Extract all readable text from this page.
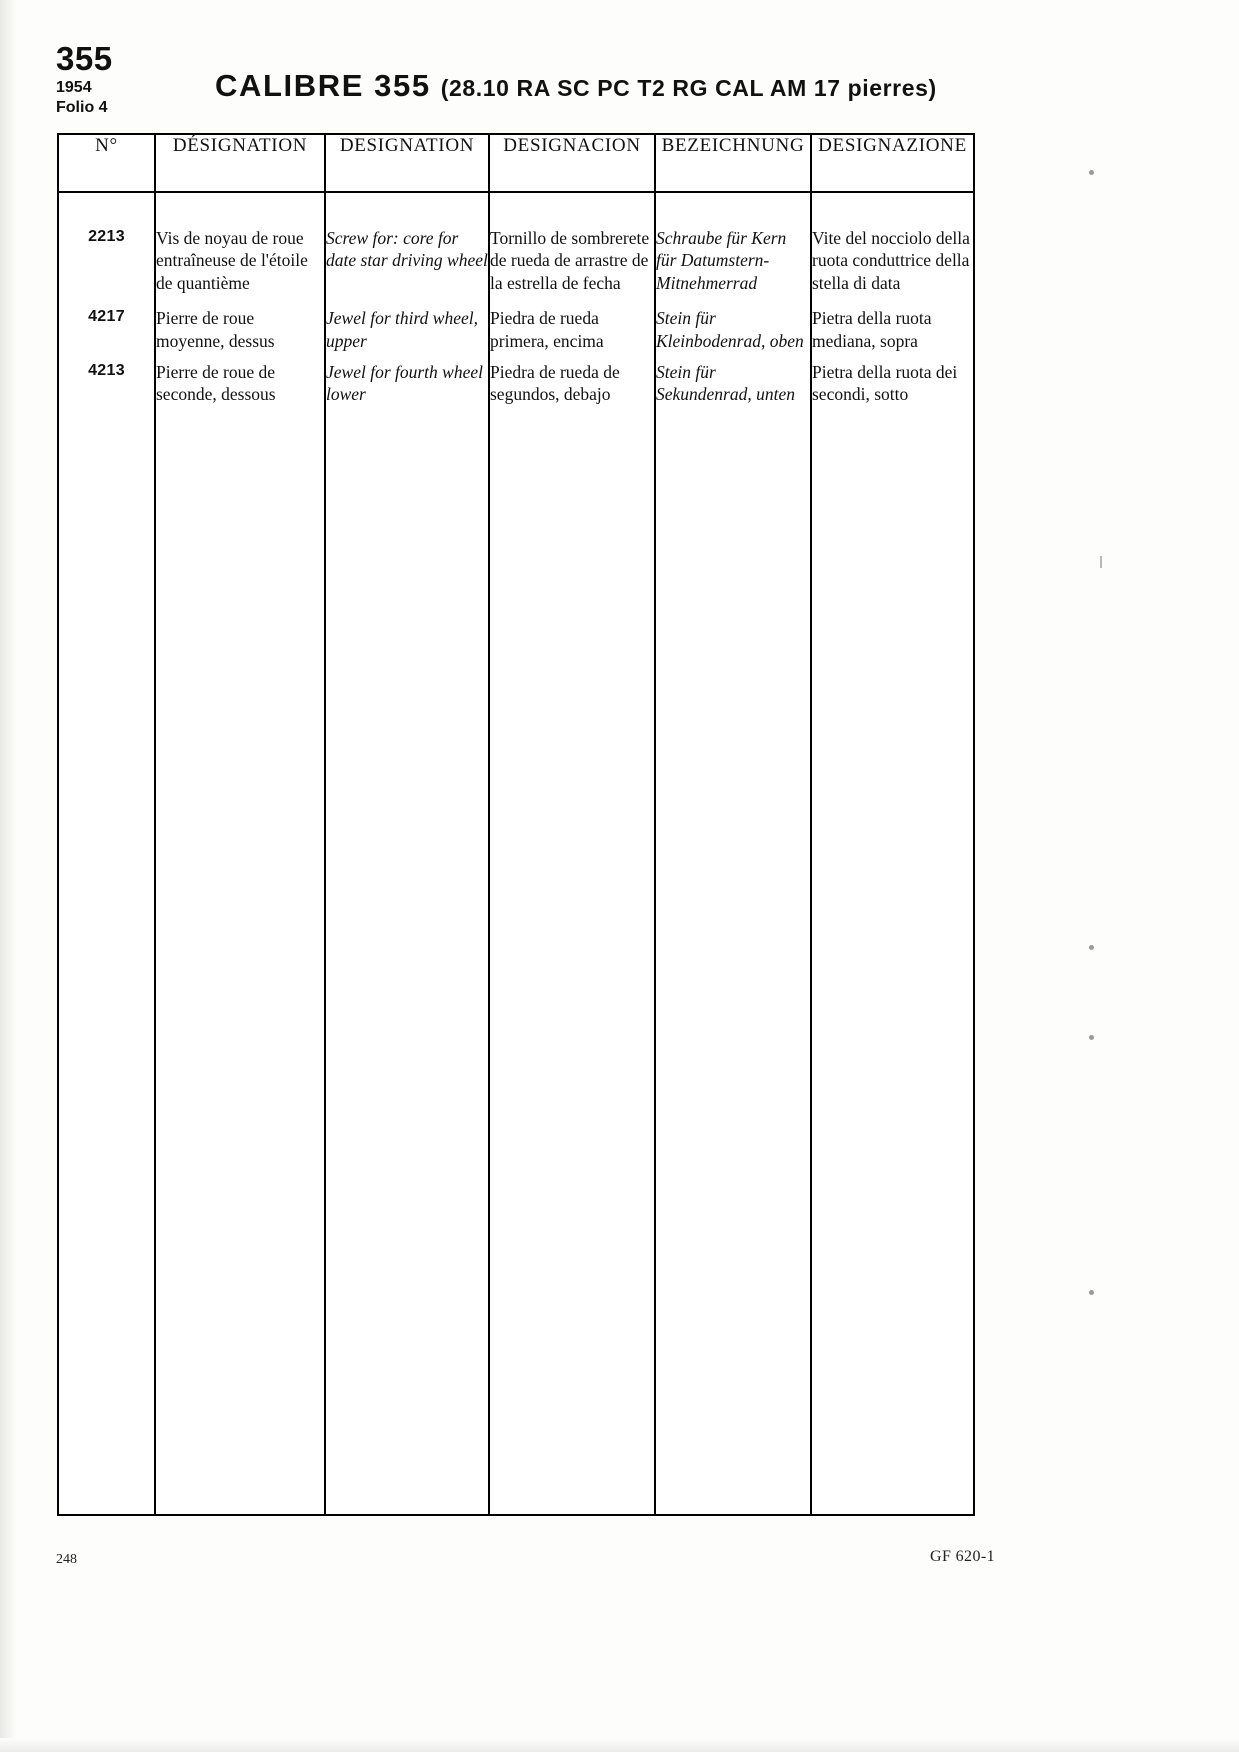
355
1954
Folio 4
CALIBRE 355 (28.10 RA SC PC T2 RG CAL AM 17 pierres)
N°	DÉSIGNATION	DESIGNATION	DESIGNACION	BEZEICHNUNG	DESIGNAZIONE

2213	Vis de noyau de roue entraîneuse de l'étoile de quantième	Screw for: core for date star driving wheel	Tornillo de sombrerete de rueda de arrastre de la estrella de fecha	Schraube für Kern für Datumstern-Mitnehmerrad	Vite del nocciolo della ruota conduttrice della stella di data
4217	Pierre de roue moyenne, dessus	Jewel for third wheel, upper	Piedra de rueda primera, encima	Stein für Kleinbodenrad, oben	Pietra della ruota mediana, sopra
4213	Pierre de roue de seconde, dessous	Jewel for fourth wheel lower	Piedra de rueda de segundos, debajo	Stein für Sekundenrad, unten	Pietra della ruota dei secondi, sotto

248	GF 620-1
